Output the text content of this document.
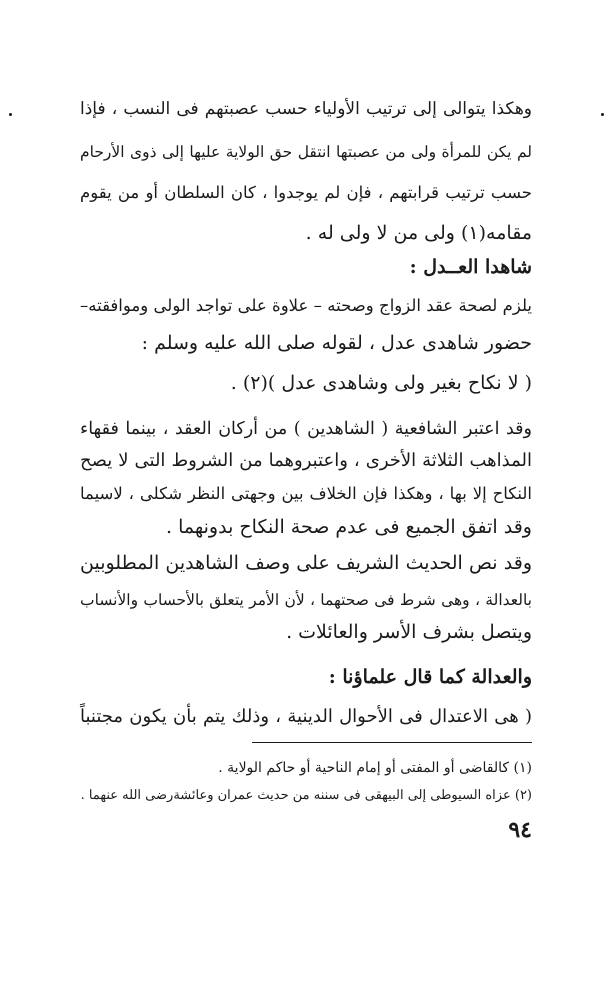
وهكذا يتوالى إلى ترتيب الأولياء حسب عصبتهم فى النسب ، فإذا
لم يكن للمرأة ولى من عصبتها انتقل حق الولاية عليها إلى ذوى الأرحام
حسب ترتيب قرابتهم ، فإن لم يوجدوا ، كان السلطان أو من يقوم
مقامه(١) ولى من لا ولى له .
شاهدا العــدل :
يلزم لصحة عقد الزواج وصحته – علاوة على تواجد الولى وموافقته–
حضور شاهدى عدل ، لقوله صلى الله عليه وسلم :
( لا نكاح بغير ولى وشاهدى عدل )(٢) .
وقد اعتبر الشافعية ( الشاهدين ) من أركان العقد ، بينما فقهاء
المذاهب الثلاثة الأخرى ، واعتبروهما من الشروط التى لا يصح
النكاح إلا بها ، وهكذا فإن الخلاف بين وجهتى النظر شكلى ، لاسيما
وقد اتفق الجميع فى عدم صحة النكاح بدونهما .
وقد نص الحديث الشريف على وصف الشاهدين المطلوبين
بالعدالة ، وهى شرط فى صحتهما ، لأن الأمر يتعلق بالأحساب والأنساب
ويتصل بشرف الأسر والعائلات .
والعدالة كما قال علماؤنا :
( هى الاعتدال فى الأحوال الدينية ، وذلك يتم بأن يكون مجتنباً
(١) كالقاضى أو المفتى أو إمام الناحية أو حاكم الولاية .
(٢) عزاه السيوطى إلى البيهقى فى سننه من حديث عمران وعائشةرضى الله عنهما .
٩٤
